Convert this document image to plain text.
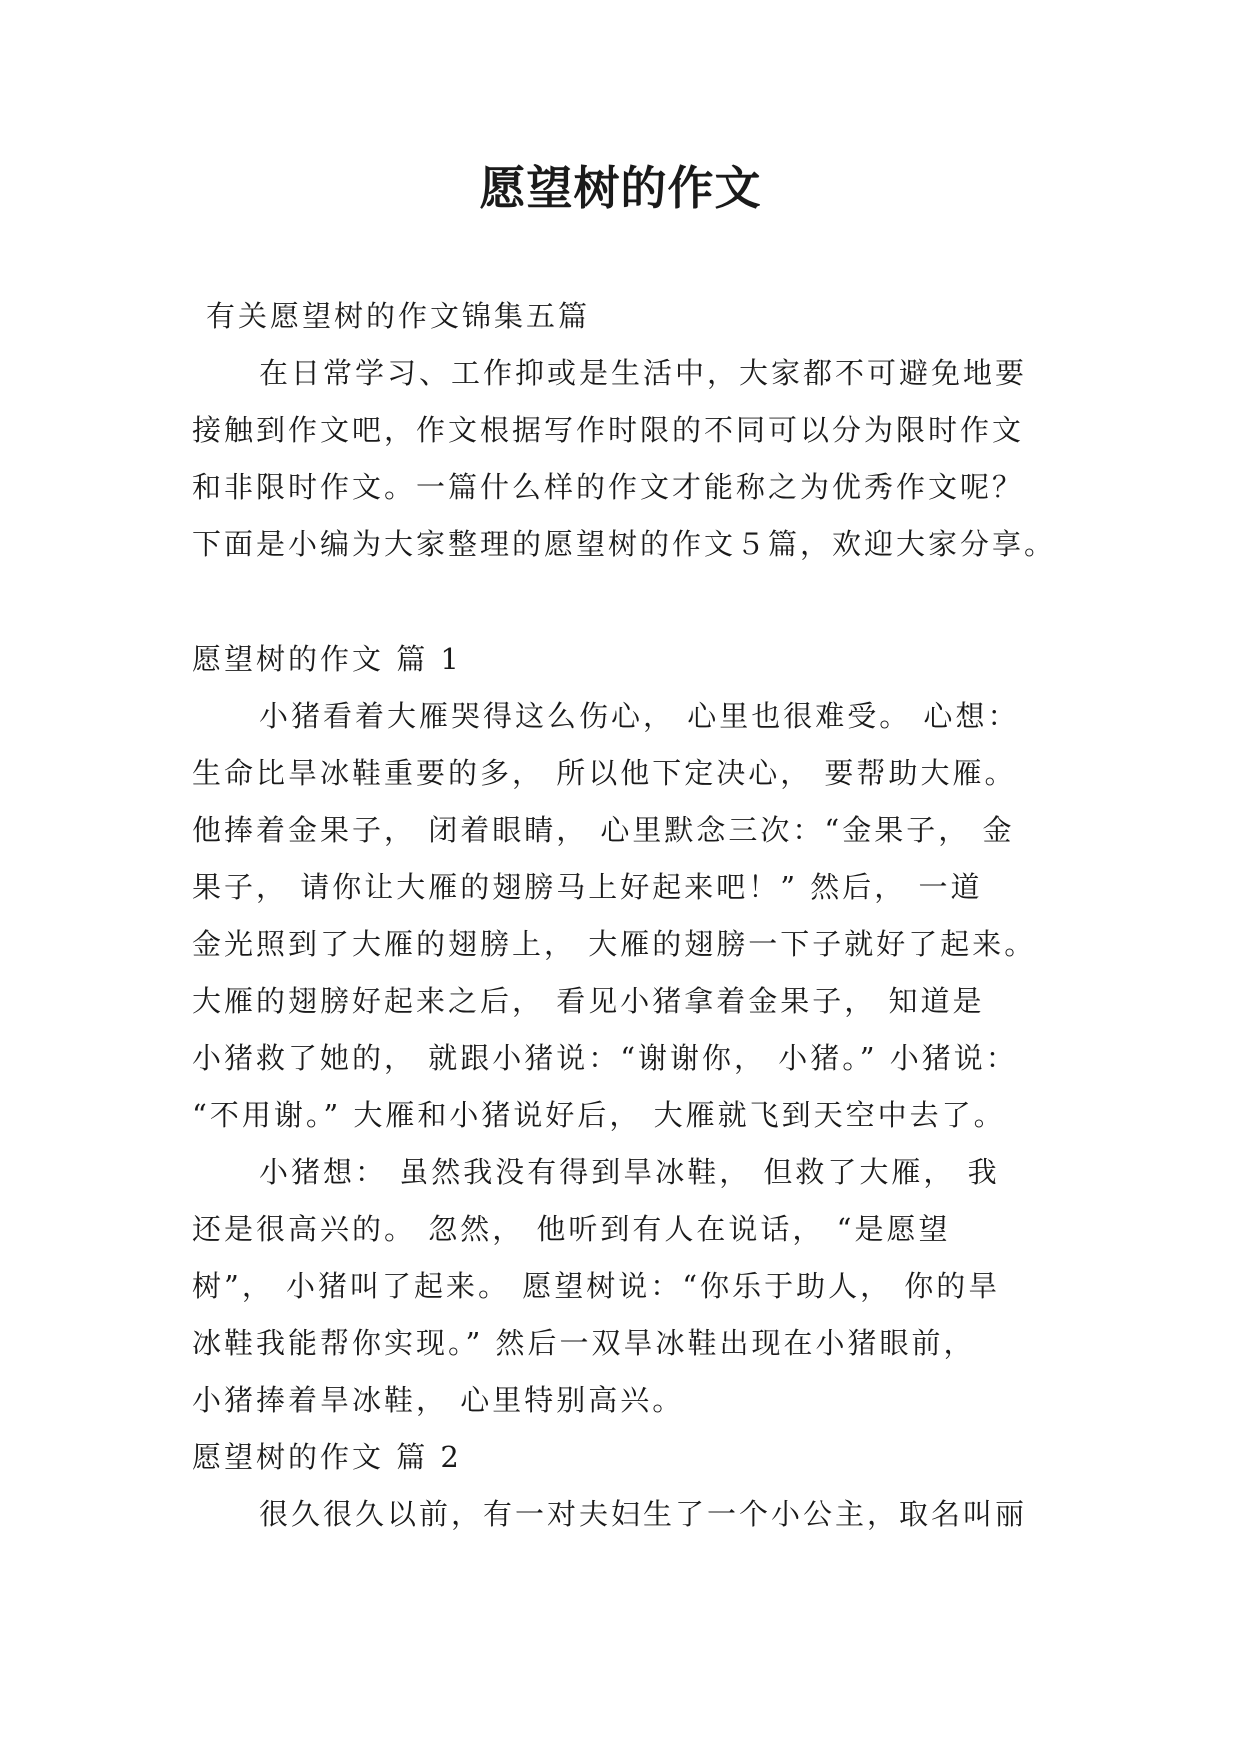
愿望树的作文
有关愿望树的作文锦集五篇
在日常学习、工作抑或是生活中，大家都不可避免地要
接触到作文吧，作文根据写作时限的不同可以分为限时作文
和非限时作文。一篇什么样的作文才能称之为优秀作文呢？
下面是小编为大家整理的愿望树的作文５篇，欢迎大家分享。
愿望树的作文 篇 1
小猪看着大雁哭得这么伤心， 心里也很难受。 心想：
生命比旱冰鞋重要的多， 所以他下定决心， 要帮助大雁。
他捧着金果子， 闭着眼睛， 心里默念三次：“金果子， 金
果子， 请你让大雁的翅膀马上好起来吧！” 然后， 一道
金光照到了大雁的翅膀上， 大雁的翅膀一下子就好了起来。
大雁的翅膀好起来之后， 看见小猪拿着金果子， 知道是
小猪救了她的， 就跟小猪说：“谢谢你， 小猪。” 小猪说：
“不用谢。” 大雁和小猪说好后， 大雁就飞到天空中去了。
小猪想： 虽然我没有得到旱冰鞋， 但救了大雁， 我
还是很高兴的。 忽然， 他听到有人在说话， “是愿望
树”， 小猪叫了起来。 愿望树说：“你乐于助人， 你的旱
冰鞋我能帮你实现。” 然后一双旱冰鞋出现在小猪眼前，
小猪捧着旱冰鞋， 心里特别高兴。
愿望树的作文 篇 2
很久很久以前，有一对夫妇生了一个小公主，取名叫丽
